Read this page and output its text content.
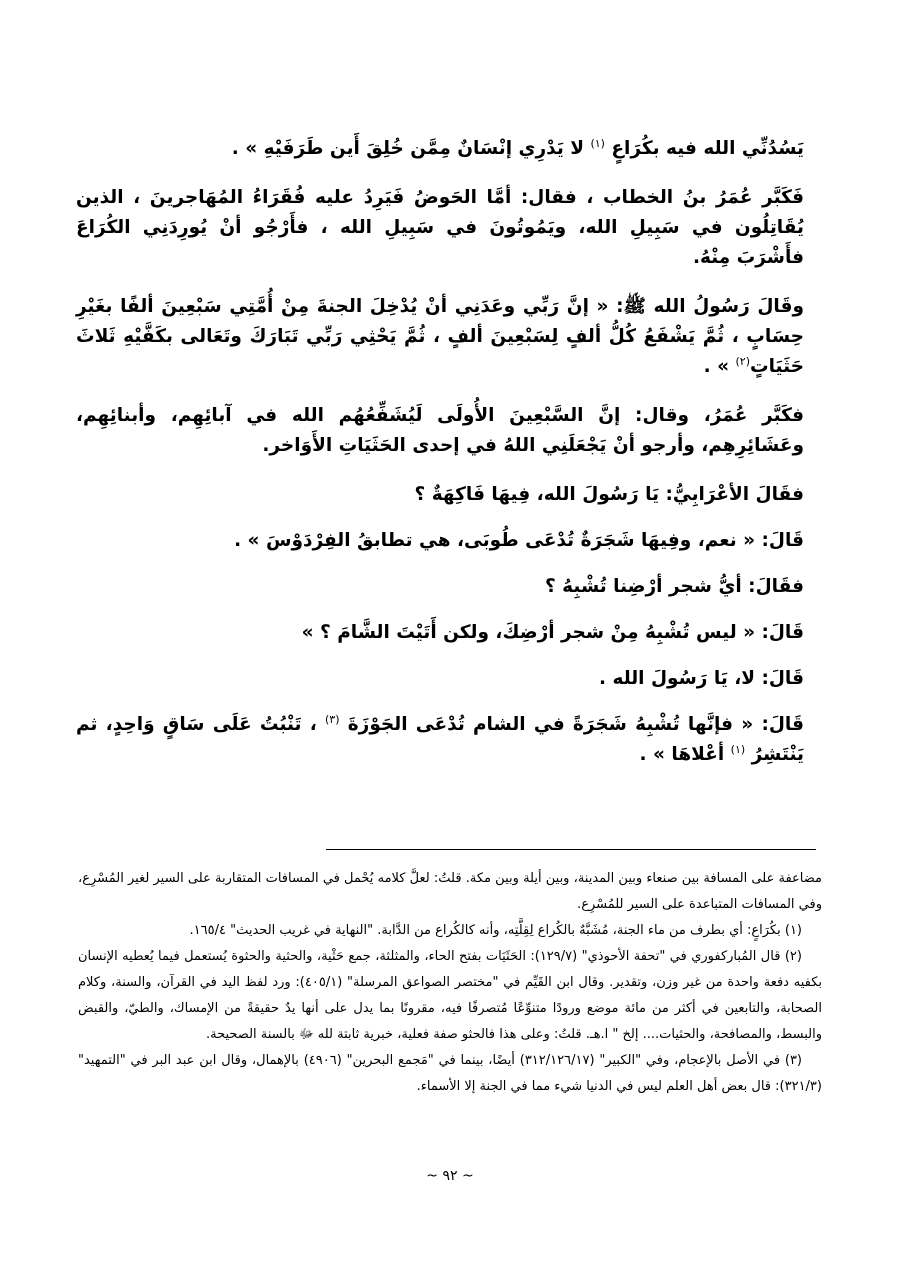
يَسُدُنِّي الله فيه بكُرَاعٍ $^{(١)}$ لا يَدْرِي إنْسَانٌ مِمَّن خُلِقَ أَين طَرَفَيْهِ » .

فَكَبَّر عُمَرُ بنُ الخطاب ، فقال: أمَّا الحَوضُ فَيَرِدُ عليه فُقَرَاءُ المُهَاجرينَ ، الذين يُقَاتِلُون في سَبِيلِ الله، ويَمُوتُونَ في سَبِيلِ الله ، فأَرْجُو أنْ يُورِدَنِي الكُرَاعَ فأَشْرَبَ مِنْهُ.

وقَالَ رَسُولُ الله ﷺ: « إنَّ رَبِّي وعَدَنِي أنْ يُدْخِلَ الجنةَ مِنْ أُمَّتِي سَبْعِينَ ألفًا بغَيْرِ حِسَابٍ ، ثُمَّ يَشْفَعُ كُلُّ ألفٍ لِسَبْعِينَ ألفٍ ، ثُمَّ يَحْثِي رَبِّي تَبَارَكَ وتَعَالى بكَفَّيْهِ ثَلاثَ حَثَيَاتٍ$^{(٢)}$ » .

فكَبَّر عُمَرُ، وقال: إنَّ السَّبْعِينَ الأُولَى لَيُشَفِّعُهُم الله في آبائِهِم، وأبنائِهِم، وعَشَائِرِهِم، وأرجو أنْ يَجْعَلَنِي اللهُ في إحدى الحَثَيَاتِ الأَوَاخر.

فقَالَ الأعْرَابِيُّ: يَا رَسُولَ الله، فِيهَا فَاكِهَةٌ ؟

قَالَ: « نعم، وفِيهَا شَجَرَةٌ تُدْعَى طُوبَى، هي تطابقُ الفِرْدَوْسَ » .

فقَالَ: أيُّ شجر أرْضِنا تُشْبِهُ ؟

قَالَ: « ليس تُشْبِهُ مِنْ شجر أرْضِكَ، ولكن أَتَيْتَ الشَّامَ ؟ »

قَالَ: لا، يَا رَسُولَ الله .

قَالَ: « فإنَّها تُشْبِهُ شَجَرَةً في الشام تُدْعَى الجَوْزَةَ $^{(٣)}$ ، تَنْبُتُ عَلَى سَاقٍ وَاحِدٍ، ثم يَنْتَشِرُ $^{(١)}$ أعْلاهَا » .

مضاعفة على المسافة بين صنعاء وبين المدينة، وبين أيلة وبين مكة. قلتُ: لعلَّ كلامه يُحْمل في المسافات المتقاربة على السير لغير المُسْرِع، وفي المسافات المتباعدة على السير للمُسْرِع.
(١) بكُرَاعٍ: أي بطرف من ماء الجنة، مُشَبَّهٌ بالكُراع لِقِلَّتِه، وأنه كالكُراع من الدَّابة. "النهاية في غريب الحديث" ١٦٥/٤.
(٢) قال المُباركفوري في "تحفة الأحوذي" (١٢٩/٧): الحَثَيَات بفتح الحاء، والمثلثة، جمع حَثْية، والحثية والحثوة يُستعمل فيما يُعطيه الإنسان بكفيه دفعة واحدة من غير وزن، وتقدير. وقال ابن القَيِّم في "مختصر الصواعق المرسلة" (٤٠٥/١): ورد لفظ اليد في القرآن، والسنة، وكلام الصحابة، والتابعين في أكثر من مائة موضع ورودًا متنوِّعًا مُتصرفًا فيه، مقرونًا بما يدل على أنها يدٌ حقيقةً من الإمساك، والطيّ، والقبض والبسط، والمصافحة، والحثيات.... إلخ " ا.هـ. قلتُ: وعلى هذا فالحثو صفة فعلية، خبرية ثابتة لله ﷻ بالسنة الصحيحة.
(٣) في الأصل بالإعجام، وفي "الكبير" (٣١٢/١٢٦/١٧) أيضًا، بينما في "مَجمع البحرين" (٤٩٠٦) بالإهمال، وقال ابن عبد البر في "التمهيد" (٣٢١/٣): قال بعض أهل العلم ليس في الدنيا شيء مما في الجنة إلا الأسماء.
~ ٩٢ ~
